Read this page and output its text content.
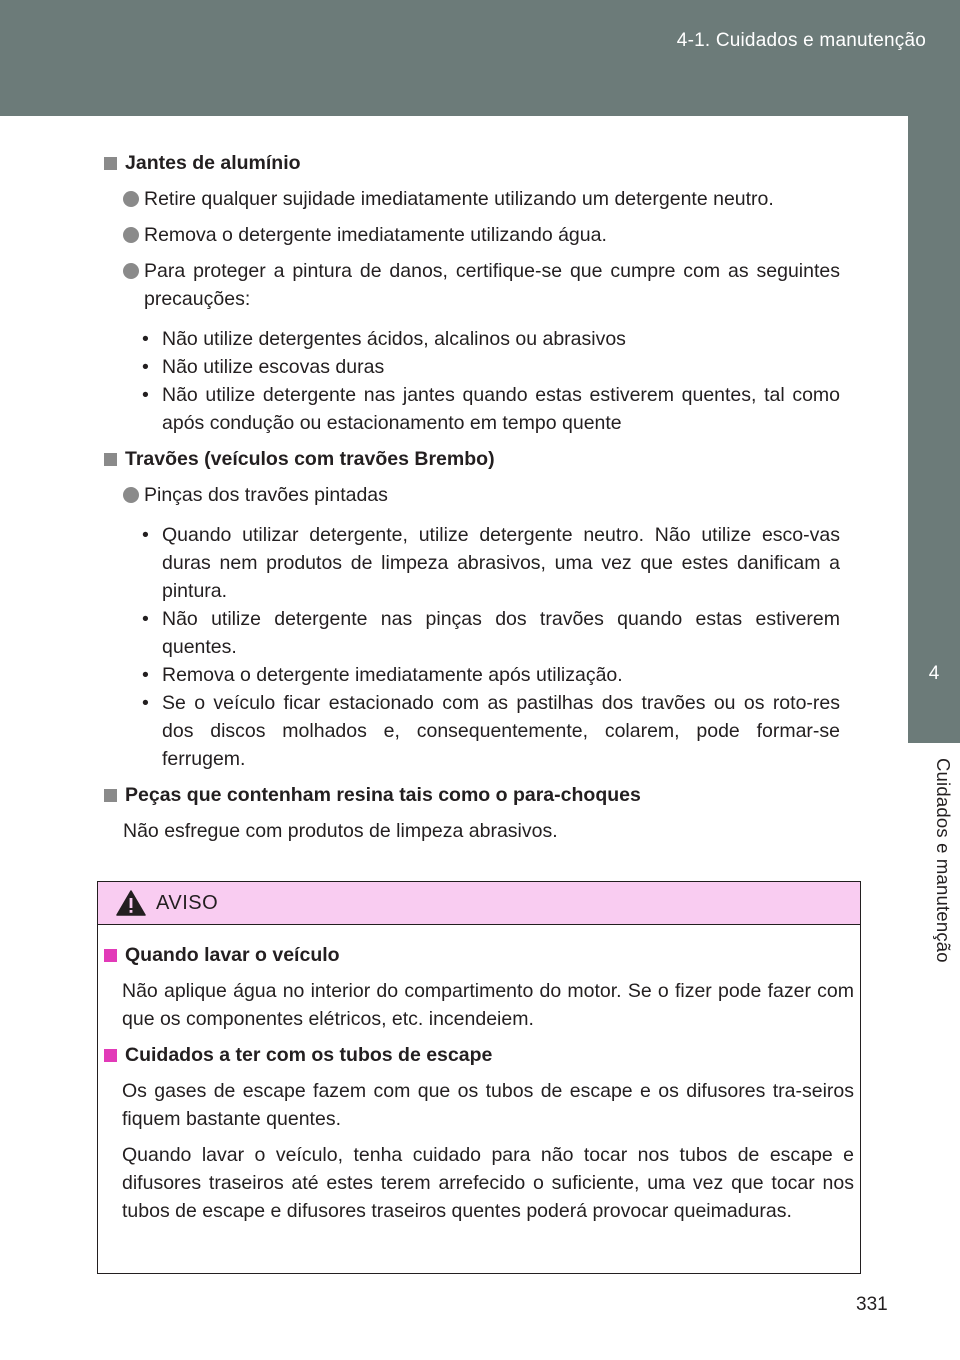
4-1. Cuidados e manutenção
4
Cuidados e manutenção
Jantes de alumínio
Retire qualquer sujidade imediatamente utilizando um detergente neutro.
Remova o detergente imediatamente utilizando água.
Para proteger a pintura de danos, certifique-se que cumpre com as seguintes precauções:
• Não utilize detergentes ácidos, alcalinos ou abrasivos
• Não utilize escovas duras
• Não utilize detergente nas jantes quando estas estiverem quentes, tal como após condução ou estacionamento em tempo quente
Travões (veículos com travões Brembo)
Pinças dos travões pintadas
• Quando utilizar detergente, utilize detergente neutro. Não utilize esco-vas duras nem produtos de limpeza abrasivos, uma vez que estes danificam a pintura.
• Não utilize detergente nas pinças dos travões quando estas estiverem quentes.
• Remova o detergente imediatamente após utilização.
• Se o veículo ficar estacionado com as pastilhas dos travões ou os roto-res dos discos molhados e, consequentemente, colarem, pode formar-se ferrugem.
Peças que contenham resina tais como o para-choques
Não esfregue com produtos de limpeza abrasivos.
AVISO
Quando lavar o veículo
Não aplique água no interior do compartimento do motor. Se o fizer pode fazer com que os componentes elétricos, etc. incendeiem.
Cuidados a ter com os tubos de escape
Os gases de escape fazem com que os tubos de escape e os difusores tra-seiros fiquem bastante quentes.
Quando lavar o veículo, tenha cuidado para não tocar nos tubos de escape e difusores traseiros até estes terem arrefecido o suficiente, uma vez que tocar nos tubos de escape e difusores traseiros quentes poderá provocar queimaduras.
331
